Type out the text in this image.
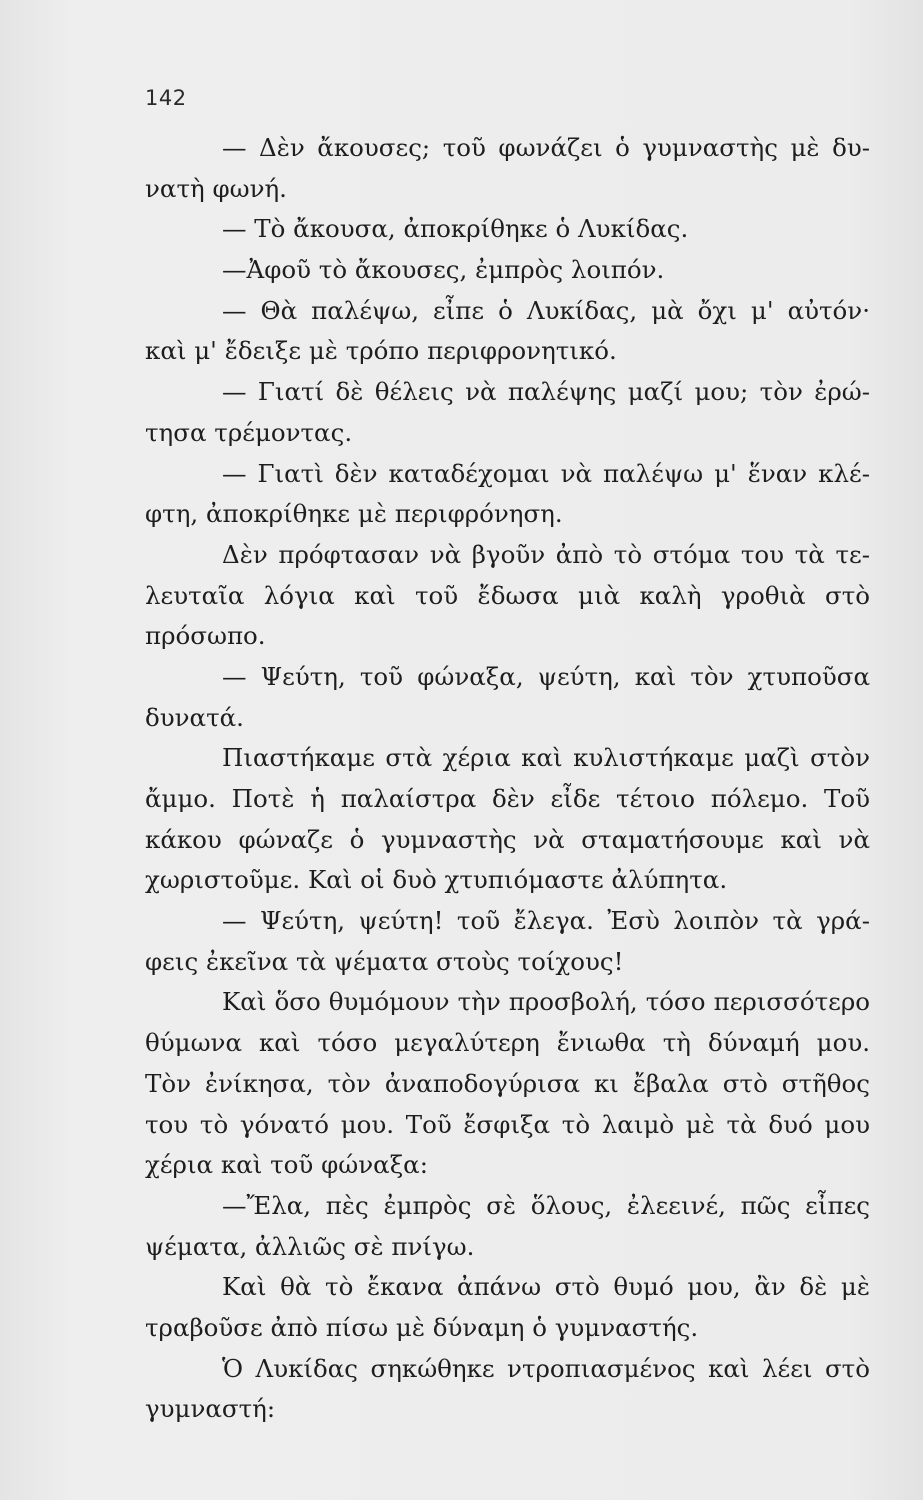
142
— Δὲν ἄκουσες; τοῦ φωνάζει ὁ γυμναστὴς μὲ δυ-
νατὴ φωνή.
— Τὸ ἄκουσα, ἀποκρίθηκε ὁ Λυκίδας.
—Ἀφοῦ τὸ ἄκουσες, ἐμπρὸς λοιπόν.
— Θὰ παλέψω, εἶπε ὁ Λυκίδας, μὰ ὄχι μ' αὐτόν·
καὶ μ' ἔδειξε μὲ τρόπο περιφρονητικό.
— Γιατί δὲ θέλεις νὰ παλέψης μαζί μου; τὸν ἐρώ-
τησα τρέμοντας.
— Γιατὶ δὲν καταδέχομαι νὰ παλέψω μ' ἕναν κλέ-
φτη, ἀποκρίθηκε μὲ περιφρόνηση.
Δὲν πρόφτασαν νὰ βγοῦν ἀπὸ τὸ στόμα του τὰ τε-
λευταῖα λόγια καὶ τοῦ ἔδωσα μιὰ καλὴ γροθιὰ στὸ
πρόσωπο.
— Ψεύτη, τοῦ φώναξα, ψεύτη, καὶ τὸν χτυποῦσα
δυνατά.
Πιαστήκαμε στὰ χέρια καὶ κυλιστήκαμε μαζὶ στὸν
ἄμμο. Ποτὲ ἡ παλαίστρα δὲν εἶδε τέτοιο πόλεμο. Τοῦ
κάκου φώναζε ὁ γυμναστὴς νὰ σταματήσουμε καὶ νὰ
χωριστοῦμε. Καὶ οἱ δυὸ χτυπιόμαστε ἀλύπητα.
— Ψεύτη, ψεύτη! τοῦ ἔλεγα. Ἐσὺ λοιπὸν τὰ γρά-
φεις ἐκεῖνα τὰ ψέματα στοὺς τοίχους!
Καὶ ὅσο θυμόμουν τὴν προσβολή, τόσο περισσότερο
θύμωνα καὶ τόσο μεγαλύτερη ἔνιωθα τὴ δύναμή μου.
Τὸν ἐνίκησα, τὸν ἀναποδογύρισα κι ἔβαλα στὸ στῆθος
του τὸ γόνατό μου. Τοῦ ἔσφιξα τὸ λαιμὸ μὲ τὰ δυό μου
χέρια καὶ τοῦ φώναξα:
—Ἔλα, πὲς ἐμπρὸς σὲ ὅλους, ἐλεεινέ, πῶς εἶπες
ψέματα, ἀλλιῶς σὲ πνίγω.
Καὶ θὰ τὸ ἔκανα ἀπάνω στὸ θυμό μου, ἂν δὲ μὲ
τραβοῦσε ἀπὸ πίσω μὲ δύναμη ὁ γυμναστής.
Ὁ Λυκίδας σηκώθηκε ντροπιασμένος καὶ λέει στὸ
γυμναστή:
